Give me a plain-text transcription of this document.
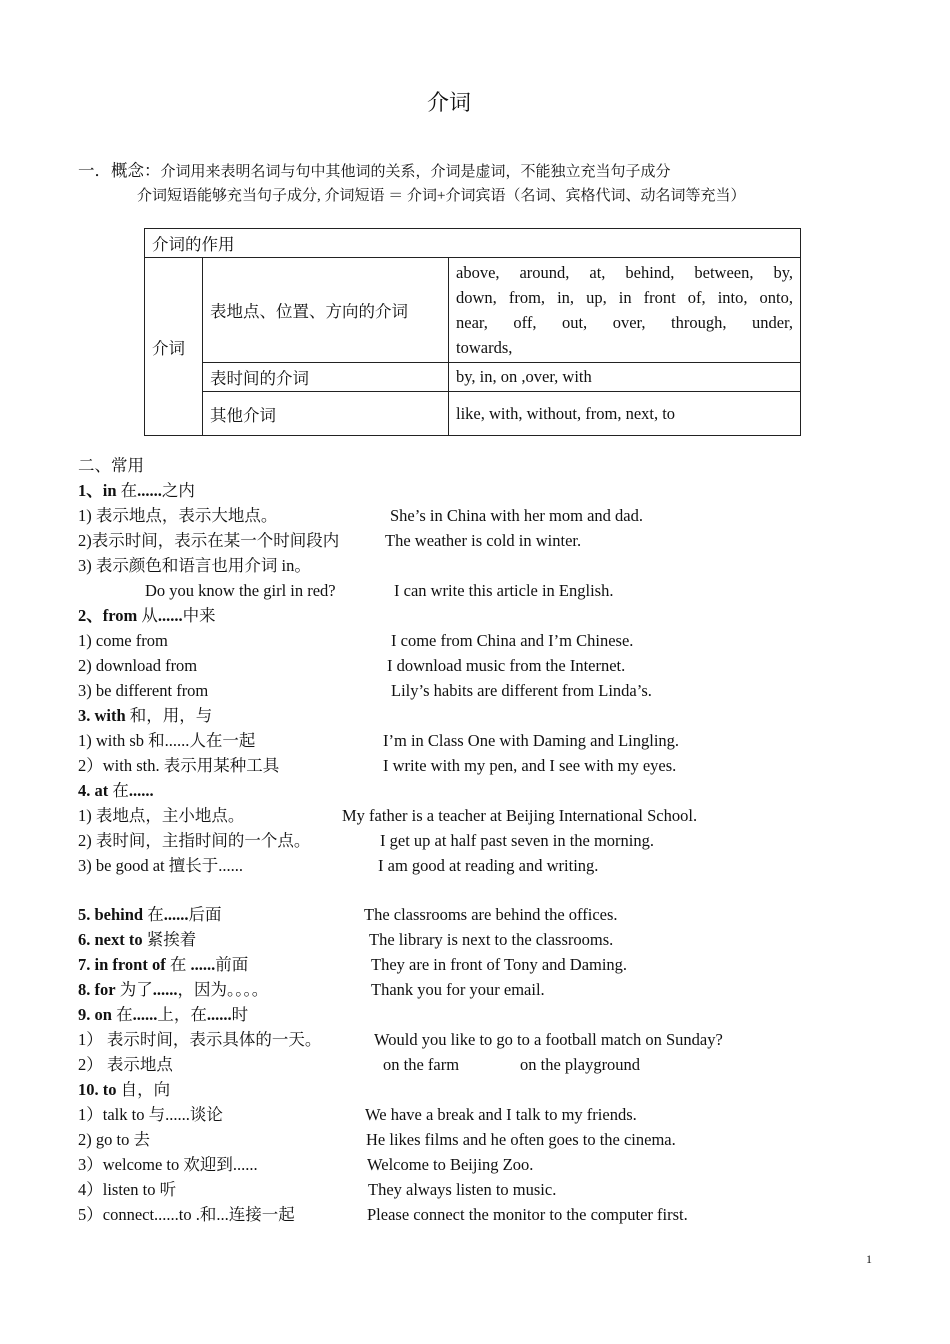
介词
一．概念：介词用来表明名词与句中其他词的关系，介词是虚词，不能独立充当句子成分
介词短语能够充当句子成分, 介词短语 ＝ 介词+介词宾语（名词、宾格代词、动名词等充当）
介词的作用		
介词	表地点、位置、方向的介词	above, around, at, behind, between, by,
down, from, in, up, in front of, into, onto,
near, off, out, over, through, under,
towards,

	表时间的介词	by, in, on ,over, with
	其他介词	like, with, without, from, next, to
二、常用
1、in 在......之内
1) 表示地点，表示大地点。	She’s in China with her mom and dad.
2)表示时间，表示在某一个时间段内	The weather is cold in winter.
3) 表示颜色和语言也用介词 in。
Do you know the girl in red?	I can write this article in English.
2、from 从......中来
1) come from	I come from China and I’m Chinese.
2) download from	I download music from the Internet.
3) be different from	Lily’s habits are different from Linda’s.
3. with 和，用，与
1) with sb 和......人在一起	I’m in Class One with Daming and Lingling.
2）with sth. 表示用某种工具	I write with my pen, and I see with my eyes.
4. at 在......
1) 表地点，主小地点。	My father is a teacher at Beijing International School.
2) 表时间，主指时间的一个点。	I get up at half past seven in the morning.
3) be good at 擅长于......	I am good at reading and writing.
5. behind 在......后面	The classrooms are behind the offices.
6. next to 紧挨着	The library is next to the classrooms.
7. in front of 在 ......前面	They are in front of Tony and Daming.
8. for 为了......，因为。。。。	Thank you for your email.
9. on 在......上，在......时
1） 表示时间，表示具体的一天。	Would you like to go to a football match on Sunday?
2） 表示地点	on the farm	on the playground
10. to 自，向
1）talk to 与......谈论	We have a break and I talk to my friends.
2) go to 去	He likes films and he often goes to the cinema.
3）welcome to 欢迎到......	Welcome to Beijing Zoo.
4）listen to 听	They always listen to music.
5）connect......to .和...连接一起	Please connect the monitor to the computer first.
1
